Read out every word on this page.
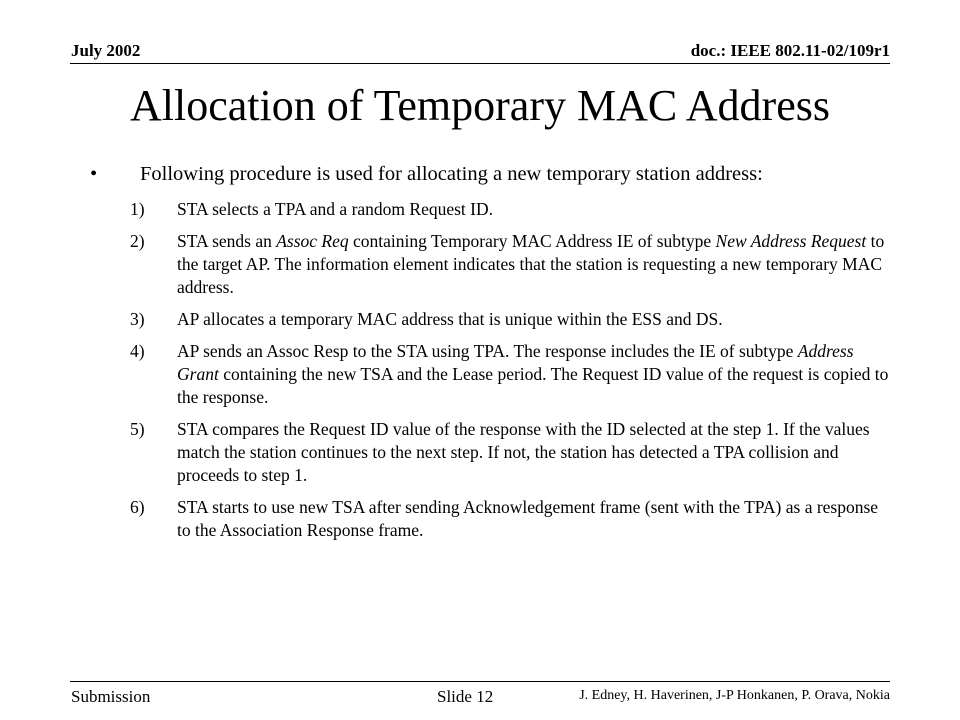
July 2002	doc.: IEEE 802.11-02/109r1
Allocation of Temporary MAC Address
• Following procedure is used for allocating a new temporary station address:
1) STA selects a TPA and a random Request ID.
2) STA sends an Assoc Req containing Temporary MAC Address IE of subtype New Address Request to the target AP. The information element indicates that the station is requesting a new temporary MAC address.
3) AP allocates a temporary MAC address that is unique within the ESS and DS.
4) AP sends an Assoc Resp to the STA using TPA. The response includes the IE of subtype Address Grant containing the new TSA and the Lease period. The Request ID value of the request is copied to the response.
5) STA compares the Request ID value of the response with the ID selected at the step 1. If the values match the station continues to the next step. If not, the station has detected a TPA collision and proceeds to step 1.
6) STA starts to use new TSA after sending Acknowledgement frame (sent with the TPA) as a response to the Association Response frame.
Submission	Slide 12	J. Edney, H. Haverinen, J-P Honkanen, P. Orava, Nokia
